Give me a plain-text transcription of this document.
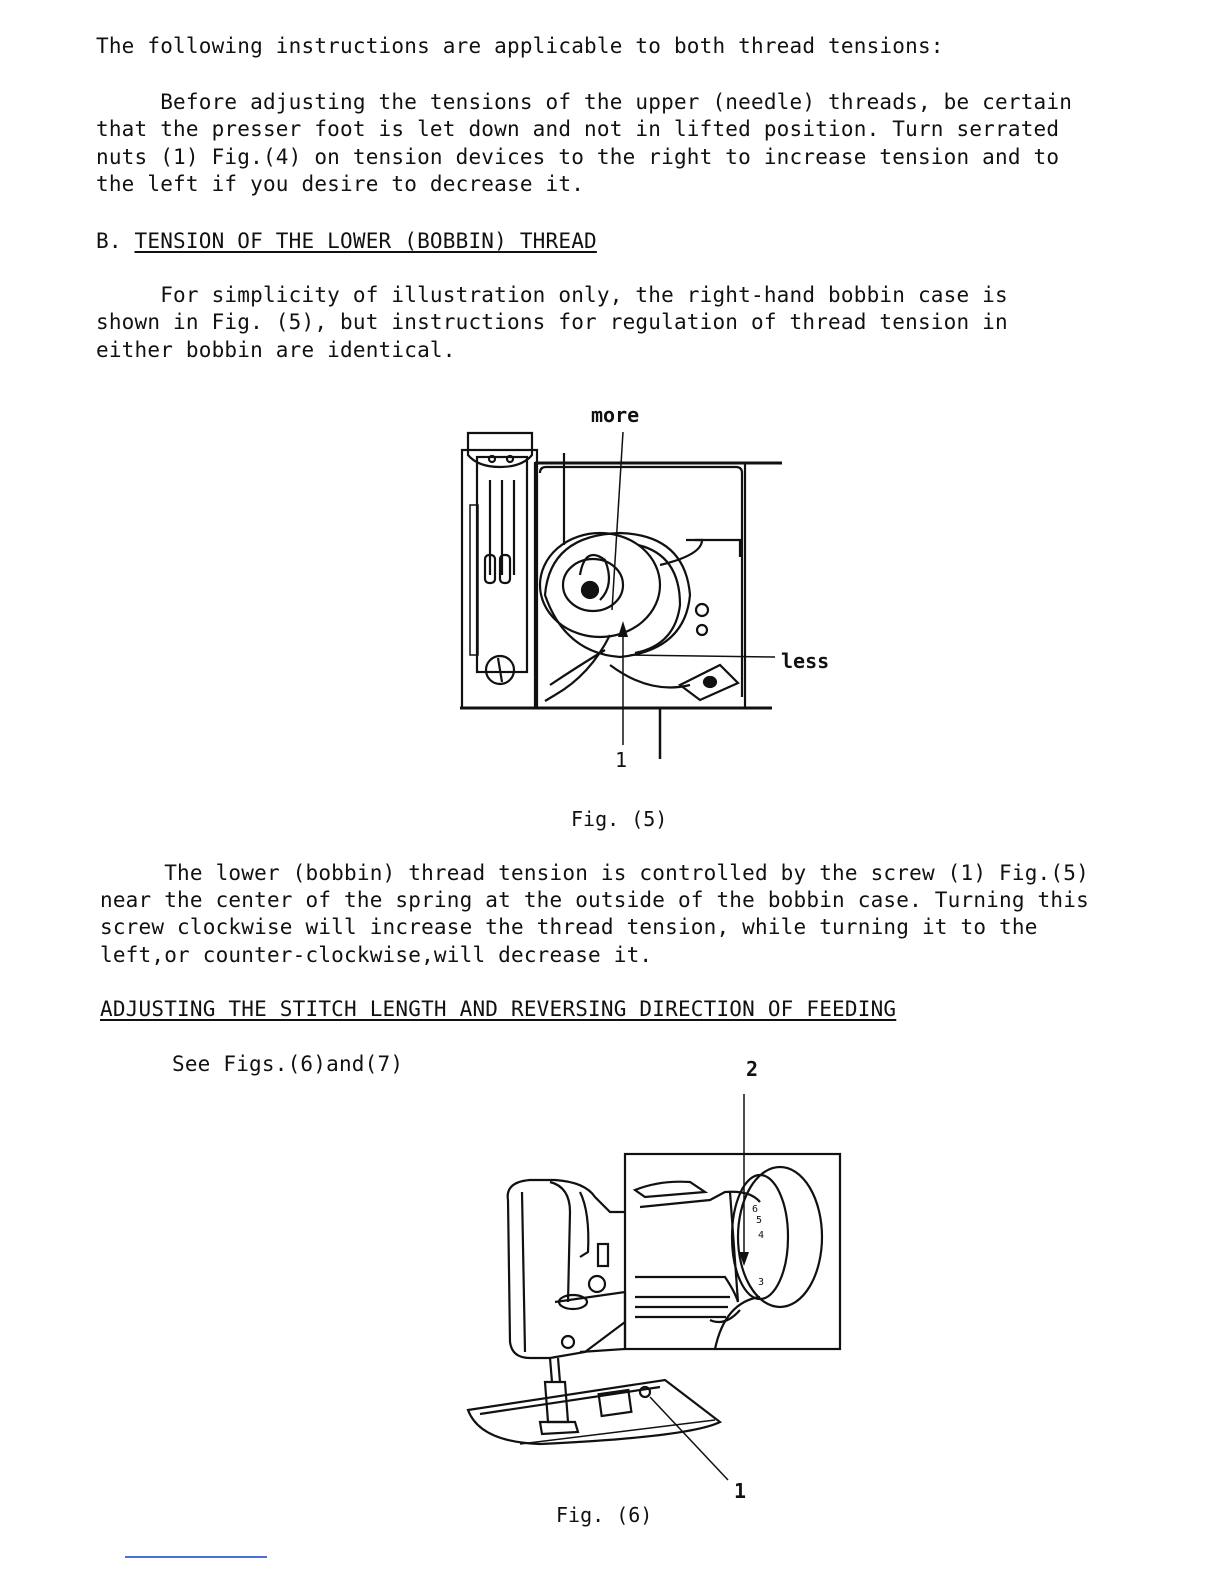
The following instructions are applicable to both thread tensions:
Before adjusting the tensions of the upper (needle) threads, be certain
that the presser foot is let down and not in lifted position. Turn serrated
nuts (1) Fig.(4) on tension devices to the right to increase tension and to
the left if you desire to decrease it.
B. TENSION OF THE LOWER (BOBBIN) THREAD
For simplicity of illustration only, the right-hand bobbin case is
shown in Fig. (5), but instructions for regulation of thread tension in
either bobbin are identical.
more
less
1
Fig. (5)
The lower (bobbin) thread tension is controlled by the screw (1) Fig.(5)
near the center of the spring at the outside of the bobbin case. Turning this
screw clockwise will increase the thread tension, while turning it to the
left,or counter-clockwise,will decrease it.
ADJUSTING THE STITCH LENGTH AND REVERSING DIRECTION OF FEEDING
See Figs.(6)and(7)
6
5
4
3
2
1
Fig. (6)
